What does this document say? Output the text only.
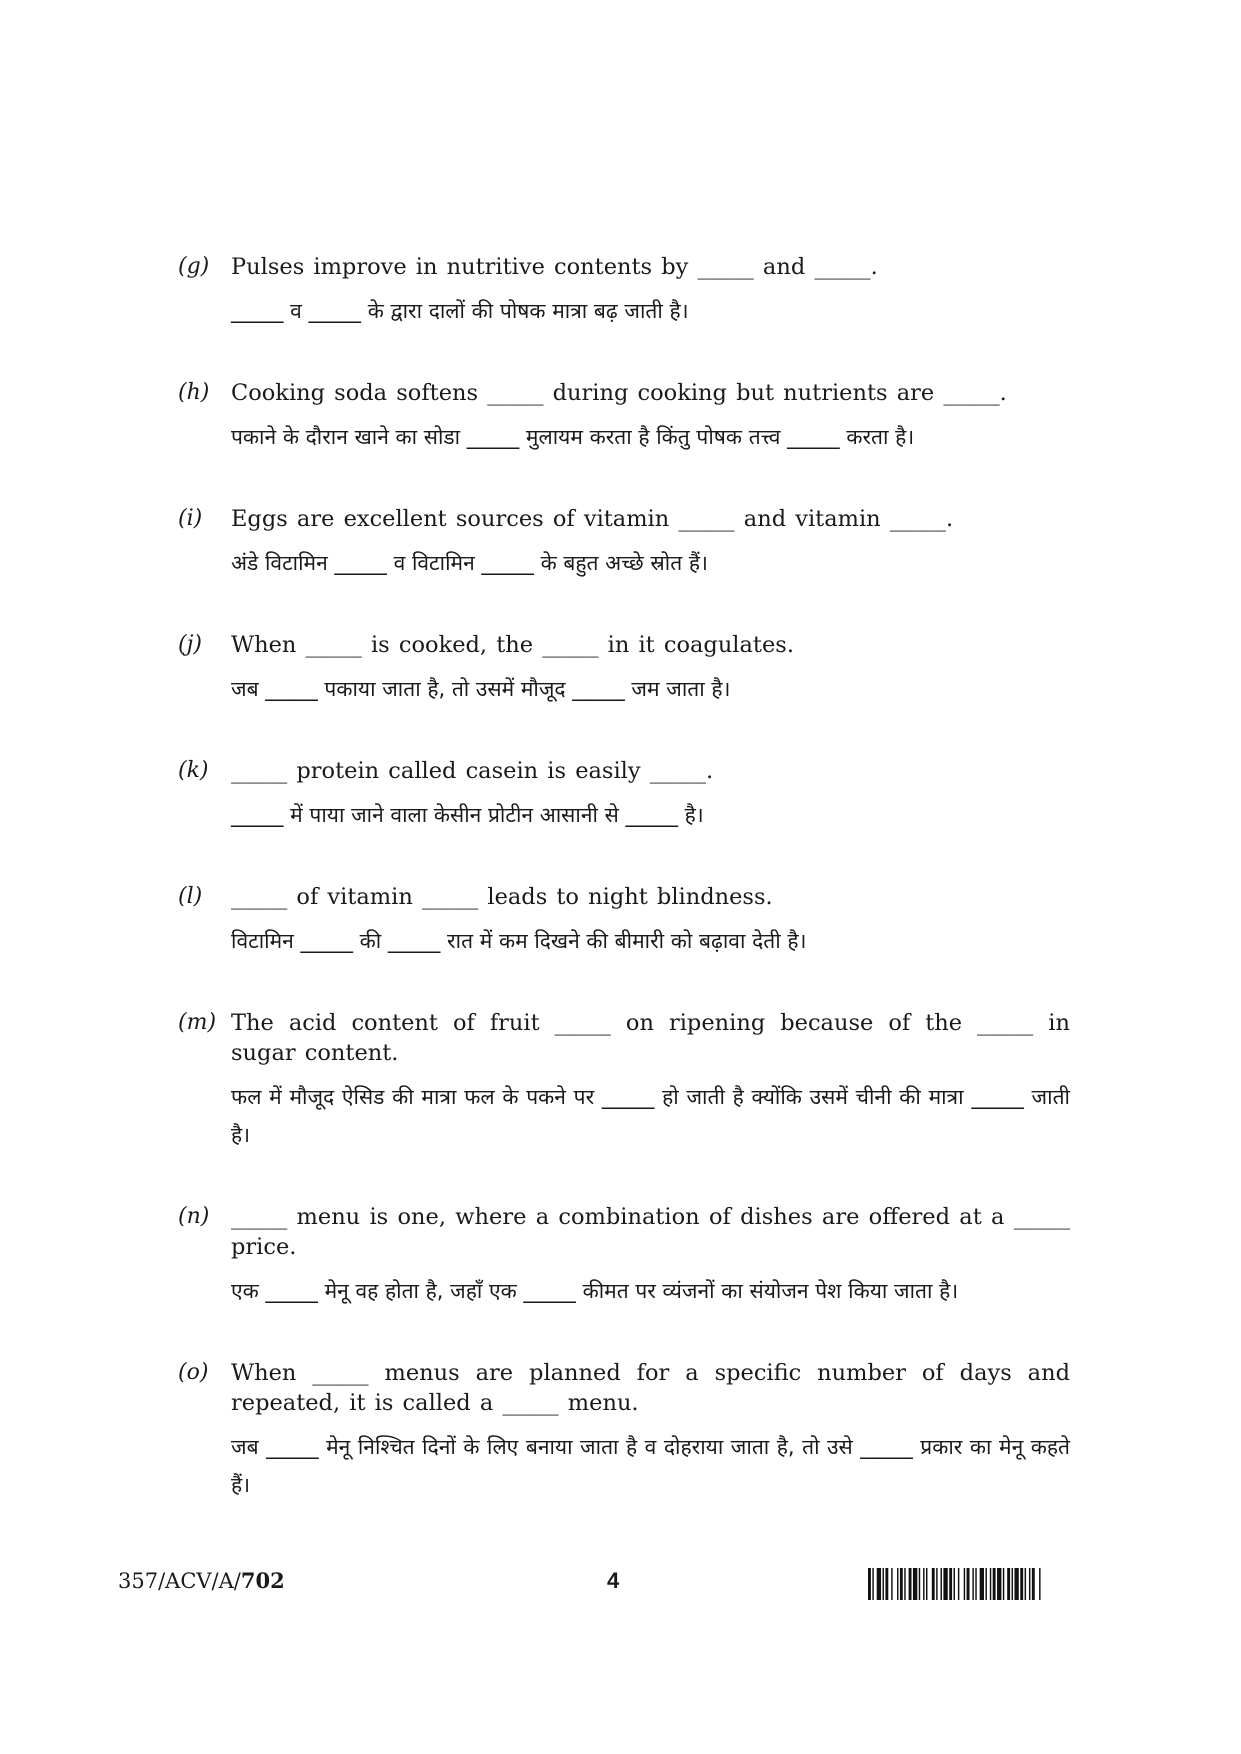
(g) Pulses improve in nutritive contents by _____ and _____.
_____ व _____ के द्वारा दालों की पोषक मात्रा बढ़ जाती है।
(h) Cooking soda softens _____ during cooking but nutrients are _____.
पकाने के दौरान खाने का सोडा _____ मुलायम करता है किंतु पोषक तत्त्व _____ करता है।
(i)	Eggs are excellent sources of vitamin _____ and vitamin _____.
अंडे विटामिन _____ व विटामिन _____ के बहुत अच्छे स्रोत हैं।
(j)	When _____ is cooked, the _____ in it coagulates.
जब _____ पकाया जाता है, तो उसमें मौजूद _____ जम जाता है।
(k)	_____ protein called casein is easily _____.
_____ में पाया जाने वाला केसीन प्रोटीन आसानी से _____ है।
(l)	_____ of vitamin _____ leads to night blindness.
विटामिन _____ की _____ रात में कम दिखने की बीमारी को बढ़ावा देती है।
(m) The acid content of fruit _____ on ripening because of the _____ in sugar content.
फल में मौजूद ऐसिड की मात्रा फल के पकने पर _____ हो जाती है क्योंकि उसमें चीनी की मात्रा _____ जाती है।
(n) _____ menu is one, where a combination of dishes are offered at a _____ price.
एक _____ मेनू वह होता है, जहाँ एक _____ कीमत पर व्यंजनों का संयोजन पेश किया जाता है।
(o)	When _____ menus are planned for a specific number of days and repeated, it is called a _____ menu.
जब _____ मेनू निश्चित दिनों के लिए बनाया जाता है व दोहराया जाता है, तो उसे _____ प्रकार का मेनू कहते हैं।
357/ACV/A/702	4
